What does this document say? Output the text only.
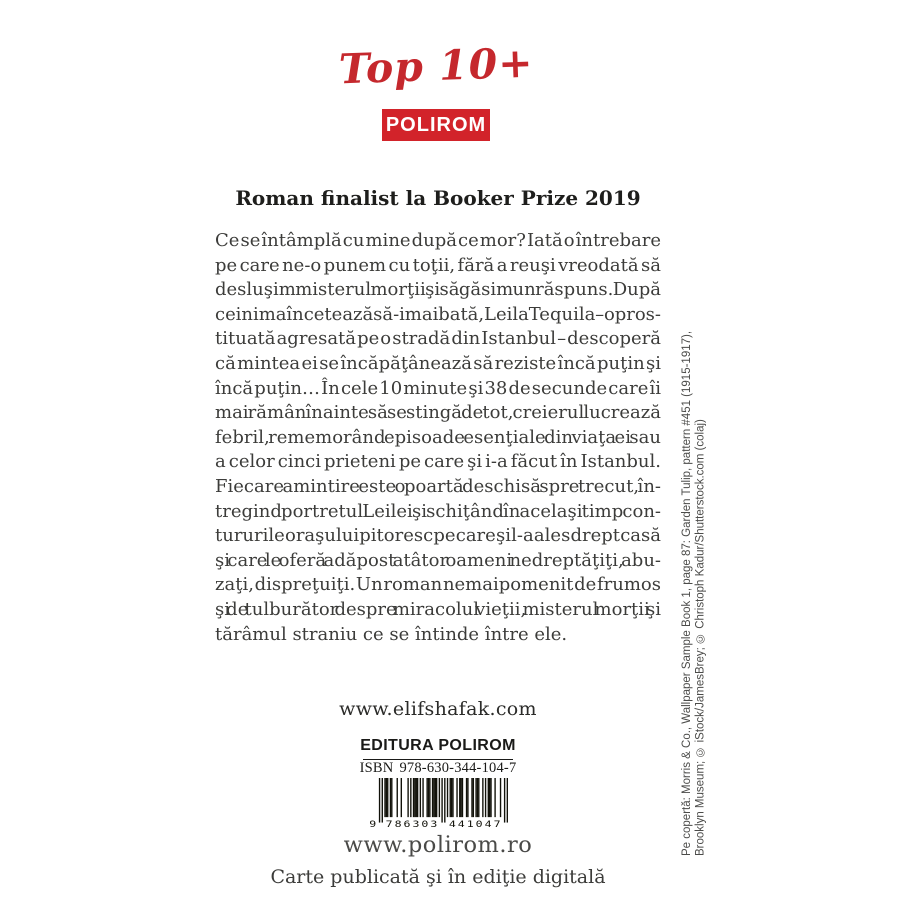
Top 10+
POLIROM
Roman finalist la Booker Prize 2019
Ce se întâmplă cu mine după ce mor? Iată o întrebare
pe care ne-o punem cu toţii, fără a reuşi vreodată să
desluşim misterul morţii şi să găsim un răspuns. După
ce inima încetează să-i mai bată, Leila Tequila – o pros-
tituată agresată pe o stradă din Istanbul – descoperă
că mintea ei se încăpăţânează să reziste încă puţin şi
încă puţin… În cele 10 minute şi 38 de secunde care îi
mai rămân înainte să se stingă de tot, creierul lucrează
febril, rememorând episoade esenţiale din viaţa ei sau
a celor cinci prieteni pe care şi i-a făcut în Istanbul.
Fiecare amintire este o poartă deschisă spre trecut, în-
tregind portretul Leilei şi schiţând în acelaşi timp con-
tururile oraşului pitoresc pe care şi l-a ales drept casă
şi care le oferă adăpost atâtor oameni nedreptăţiţi, abu-
zaţi, dispreţuiţi. Un roman nemaipomenit de frumos
şi de tulburător despre miracolul vieţii, misterul morţii şi
tărâmul straniu ce se întinde între ele.
www.elifshafak.com
EDITURA POLIROM
ISBN 978-630-344-104-7
9 786303 441047
www.polirom.ro
Carte publicată şi în ediţie digitală
Pe copertă: Morris & Co., Wallpaper Sample Book 1, page 87: Garden Tulip, pattern #451 (1915-1917), Brooklyn Museum; © iStock/JamesBrey; © Christoph Kadur/Shutterstock.com (colaj)
